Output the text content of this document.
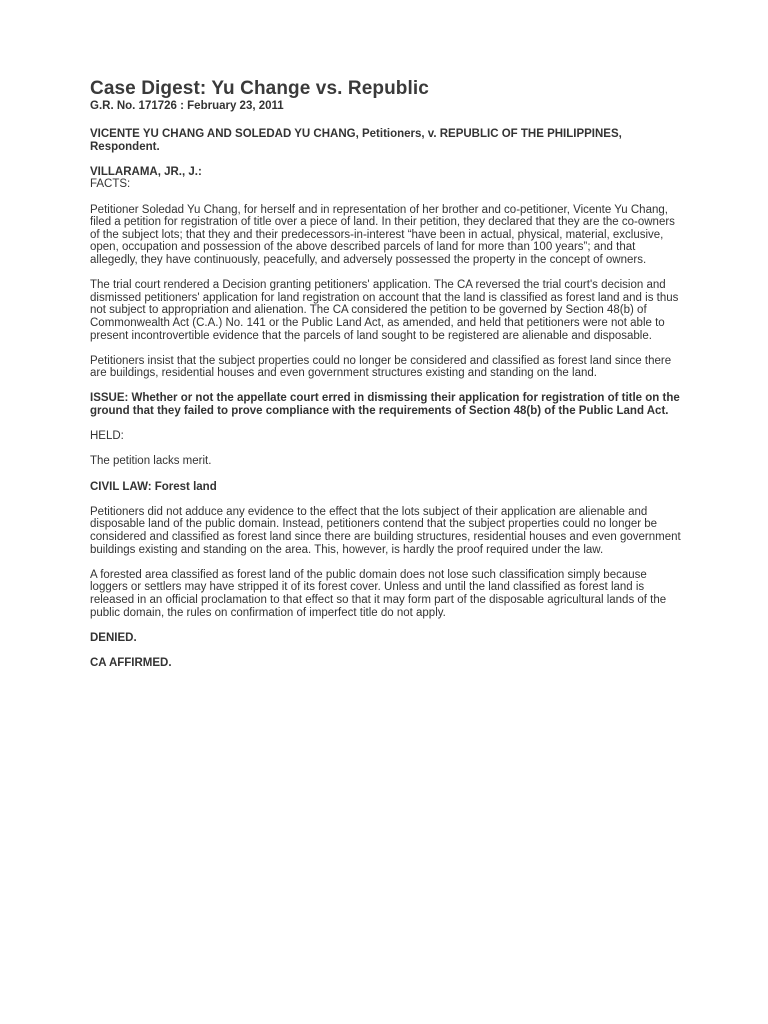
Case Digest: Yu Change vs. Republic
G.R. No. 171726 : February 23, 2011

VICENTE YU CHANG AND SOLEDAD YU CHANG, Petitioners, v. REPUBLIC OF THE PHILIPPINES, Respondent.

VILLARAMA, JR., J.:

FACTS:

Petitioner Soledad Yu Chang, for herself and in representation of her brother and co-petitioner, Vicente Yu Chang, filed a petition for registration of title over a piece of land. In their petition, they declared that they are the co-owners of the subject lots; that they and their predecessors-in-interest “have been in actual, physical, material, exclusive, open, occupation and possession of the above described parcels of land for more than 100 years”; and that allegedly, they have continuously, peacefully, and adversely possessed the property in the concept of owners.

The trial court rendered a Decision granting petitioners' application. The CA reversed the trial court's decision and dismissed petitioners' application for land registration on account that the land is classified as forest land and is thus not subject to appropriation and alienation. The CA considered the petition to be governed by Section 48(b) of Commonwealth Act (C.A.) No. 141 or the Public Land Act, as amended, and held that petitioners were not able to present incontrovertible evidence that the parcels of land sought to be registered are alienable and disposable.

Petitioners insist that the subject properties could no longer be considered and classified as forest land since there are buildings, residential houses and even government structures existing and standing on the land.

ISSUE: Whether or not the appellate court erred in dismissing their application for registration of title on the ground that they failed to prove compliance with the requirements of Section 48(b) of the Public Land Act.

HELD:

The petition lacks merit.

CIVIL LAW: Forest land

Petitioners did not adduce any evidence to the effect that the lots subject of their application are alienable and disposable land of the public domain. Instead, petitioners contend that the subject properties could no longer be considered and classified as forest land since there are building structures, residential houses and even government buildings existing and standing on the area. This, however, is hardly the proof required under the law.

A forested area classified as forest land of the public domain does not lose such classification simply because loggers or settlers may have stripped it of its forest cover. Unless and until the land classified as forest land is released in an official proclamation to that effect so that it may form part of the disposable agricultural lands of the public domain, the rules on confirmation of imperfect title do not apply.

DENIED.

CA AFFIRMED.
